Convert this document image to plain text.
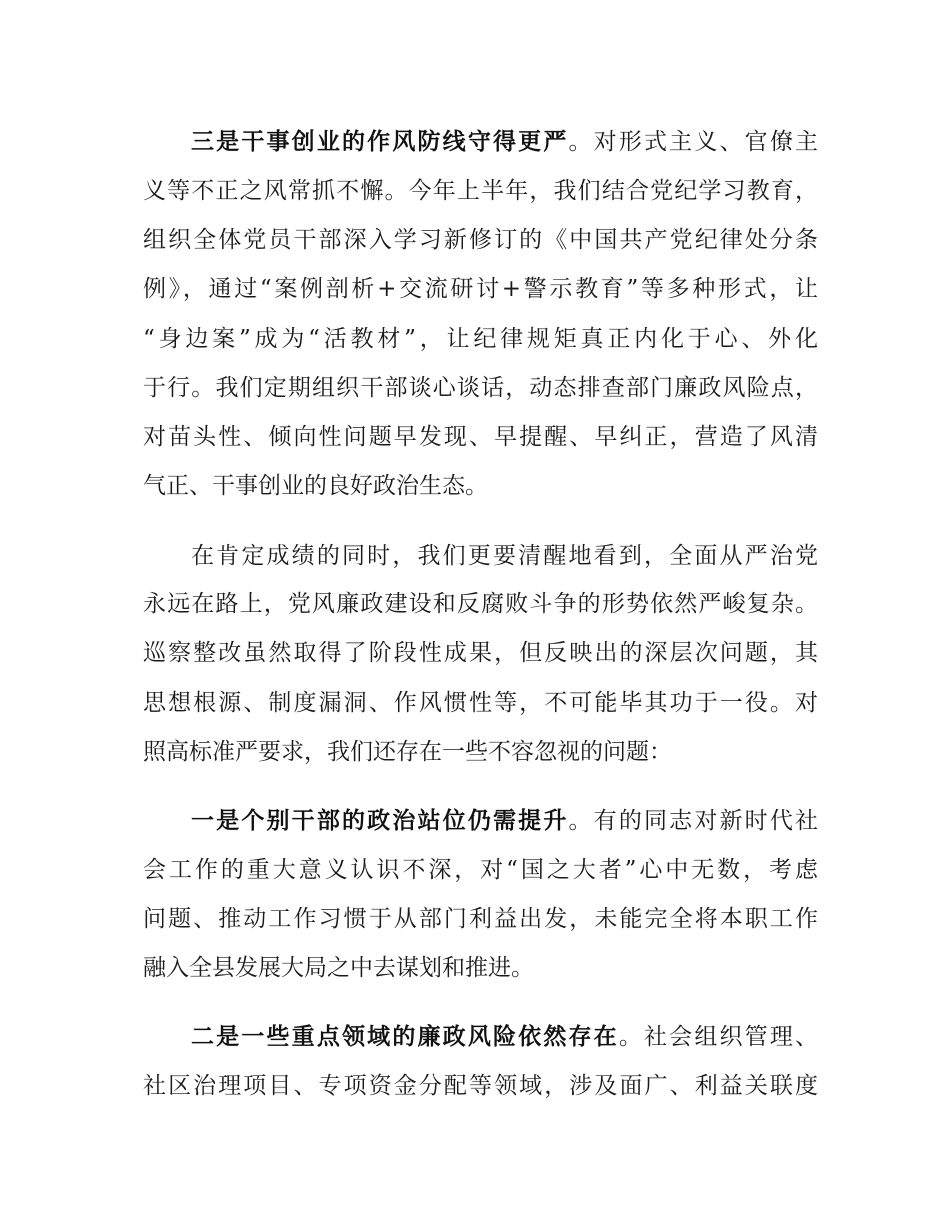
三是干事创业的作风防线守得更严。对形式主义、官僚主

义等不正之风常抓不懈。今年上半年，我们结合党纪学习教育，

组织全体党员干部深入学习新修订的《中国共产党纪律处分条

例》，通过“案例剖析+交流研讨+警示教育”等多种形式，让

“身边案”成为“活教材”，让纪律规矩真正内化于心、外化

于行。我们定期组织干部谈心谈话，动态排查部门廉政风险点，

对苗头性、倾向性问题早发现、早提醒、早纠正，营造了风清

气正、干事创业的良好政治生态。

在肯定成绩的同时，我们更要清醒地看到，全面从严治党

永远在路上，党风廉政建设和反腐败斗争的形势依然严峻复杂。

巡察整改虽然取得了阶段性成果，但反映出的深层次问题，其

思想根源、制度漏洞、作风惯性等，不可能毕其功于一役。对

照高标准严要求，我们还存在一些不容忽视的问题：

一是个别干部的政治站位仍需提升。有的同志对新时代社

会工作的重大意义认识不深，对“国之大者”心中无数，考虑

问题、推动工作习惯于从部门利益出发，未能完全将本职工作

融入全县发展大局之中去谋划和推进。

二是一些重点领域的廉政风险依然存在。社会组织管理、

社区治理项目、专项资金分配等领域，涉及面广、利益关联度
